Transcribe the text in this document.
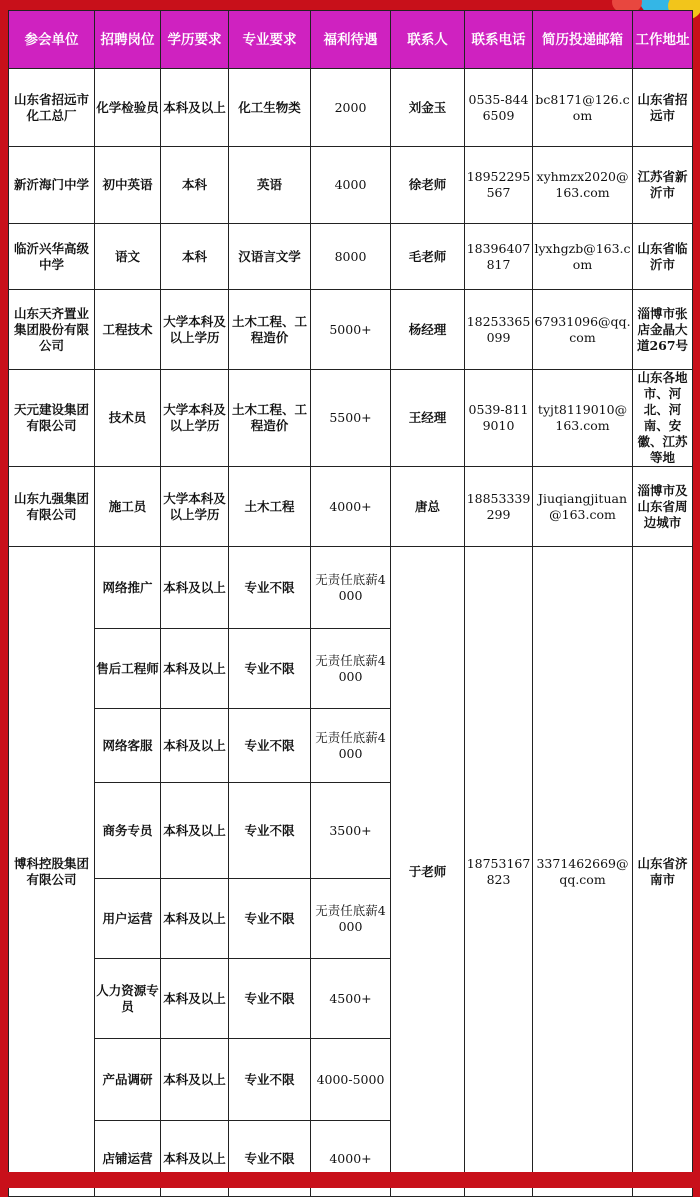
参会单位	招聘岗位	学历要求	专业要求	福利待遇	联系人	联系电话	简历投递邮箱	工作地址
山东省招远市化工总厂	化学检验员	本科及以上	化工生物类	2000	刘金玉	0535-8446509	bc8171@126.com	山东省招远市
新沂海门中学	初中英语	本科	英语	4000	徐老师	18952295567	xyhmzx2020@163.com	江苏省新沂市
临沂兴华高级中学	语文	本科	汉语言文学	8000	毛老师	18396407817	lyxhgzb@163.com	山东省临沂市
山东天齐置业集团股份有限公司	工程技术	大学本科及以上学历	土木工程、工程造价	5000+	杨经理	18253365099	67931096@qq.com	淄博市张店金晶大道267号
天元建设集团有限公司	技术员	大学本科及以上学历	土木工程、工程造价	5500+	王经理	0539-8119010	tyjt8119010@163.com	山东各地市、河北、河南、安徽、江苏等地
山东九强集团有限公司	施工员	大学本科及以上学历	土木工程	4000+	唐总	18853339299	Jiuqiangjituan@163.com	淄博市及山东省周边城市
博科控股集团有限公司	网络推广	本科及以上	专业不限	无责任底薪4000	于老师	18753167823	3371462669@qq.com	山东省济南市
	售后工程师	本科及以上	专业不限	无责任底薪4000				
	网络客服	本科及以上	专业不限	无责任底薪4000				
	商务专员	本科及以上	专业不限	3500+				
	用户运营	本科及以上	专业不限	无责任底薪4000				
	人力资源专员	本科及以上	专业不限	4500+				
	产品调研	本科及以上	专业不限	4000-5000				
	店铺运营	本科及以上	专业不限	4000+				
